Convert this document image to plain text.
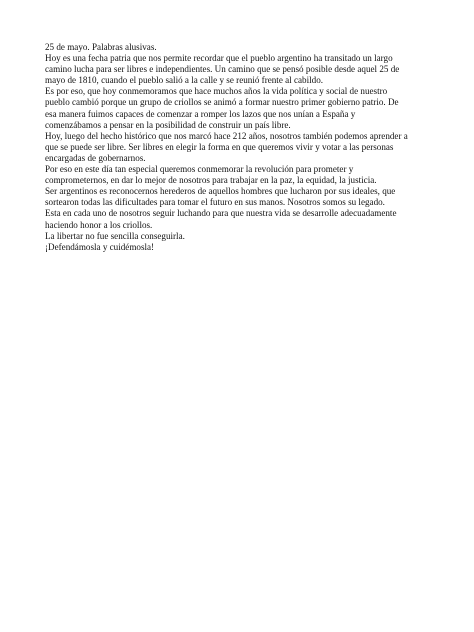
25 de mayo. Palabras alusivas.
Hoy es una fecha patria que nos permite recordar que el pueblo argentino ha transitado un largo
camino lucha para ser libres e independientes. Un camino que se pensó posible desde aquel 25 de
mayo de 1810, cuando el pueblo salió a la calle y se reunió frente al cabildo.
Es por eso, que hoy conmemoramos que hace muchos años la vida política y social de nuestro
pueblo cambió porque un grupo de criollos se animó a formar nuestro primer gobierno patrio. De
esa manera fuimos capaces de comenzar a romper los lazos que nos unían a España y
comenzábamos a pensar en la posibilidad de construir un país libre.
Hoy, luego del hecho histórico que nos marcó hace 212 años, nosotros también podemos aprender a
que se puede ser libre. Ser libres en elegir la forma en que queremos vivir y votar a las personas
encargadas de gobernarnos.
Por eso en este día tan especial queremos conmemorar la revolución para prometer y
comprometernos, en dar lo mejor de nosotros para trabajar en la paz, la equidad, la justicia.
Ser argentinos es reconocernos herederos de aquellos hombres que lucharon por sus ideales, que
sortearon todas las dificultades para tomar el futuro en sus manos. Nosotros somos su legado.
Esta en cada uno de nosotros seguir luchando para que nuestra vida se desarrolle adecuadamente
haciendo honor a los criollos.
La libertar no fue sencilla conseguirla.
¡Defendámosla y cuidémosla!
